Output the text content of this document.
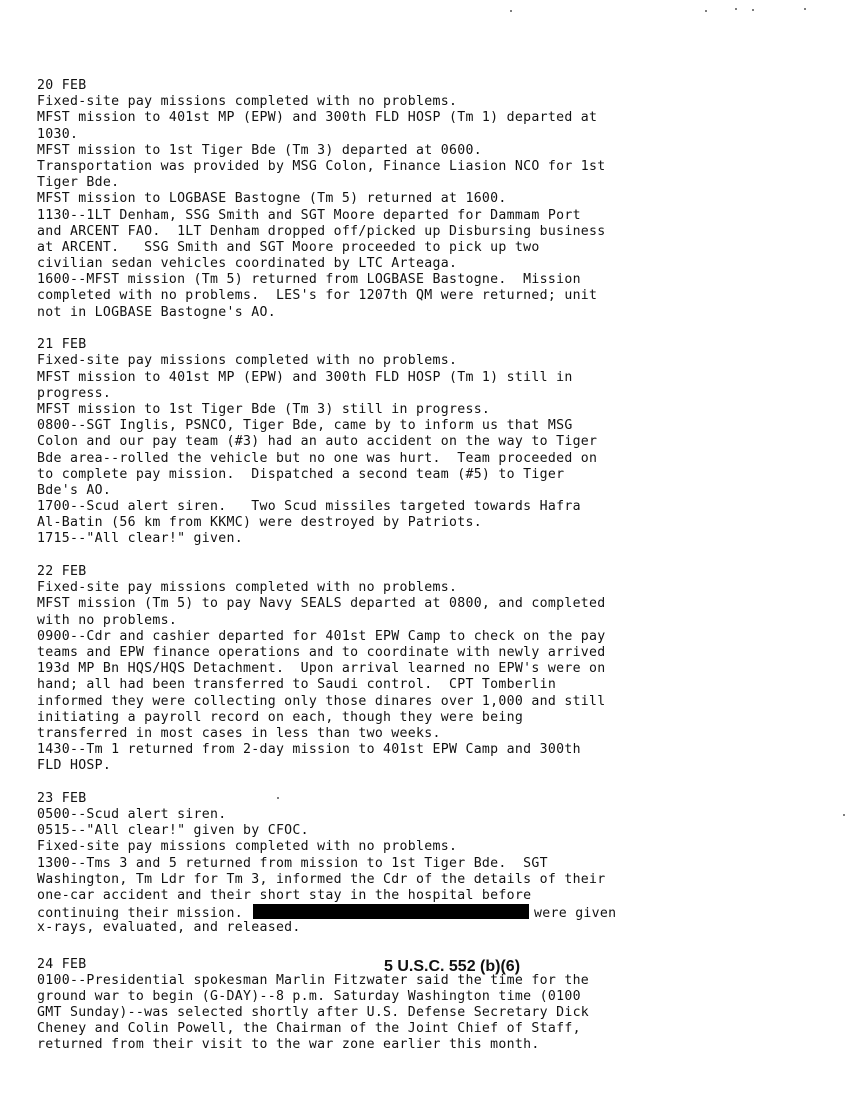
20 FEB
Fixed-site pay missions completed with no problems.
MFST mission to 401st MP (EPW) and 300th FLD HOSP (Tm 1) departed at
1030.
MFST mission to 1st Tiger Bde (Tm 3) departed at 0600.
Transportation was provided by MSG Colon, Finance Liasion NCO for 1st
Tiger Bde.
MFST mission to LOGBASE Bastogne (Tm 5) returned at 1600.
1130--1LT Denham, SSG Smith and SGT Moore departed for Dammam Port
and ARCENT FAO.  1LT Denham dropped off/picked up Disbursing business
at ARCENT.   SSG Smith and SGT Moore proceeded to pick up two
civilian sedan vehicles coordinated by LTC Arteaga.
1600--MFST mission (Tm 5) returned from LOGBASE Bastogne.  Mission
completed with no problems.  LES's for 1207th QM were returned; unit
not in LOGBASE Bastogne's AO.
21 FEB
Fixed-site pay missions completed with no problems.
MFST mission to 401st MP (EPW) and 300th FLD HOSP (Tm 1) still in
progress.
MFST mission to 1st Tiger Bde (Tm 3) still in progress.
0800--SGT Inglis, PSNCO, Tiger Bde, came by to inform us that MSG
Colon and our pay team (#3) had an auto accident on the way to Tiger
Bde area--rolled the vehicle but no one was hurt.  Team proceeded on
to complete pay mission.  Dispatched a second team (#5) to Tiger
Bde's AO.
1700--Scud alert siren.   Two Scud missiles targeted towards Hafra
Al-Batin (56 km from KKMC) were destroyed by Patriots.
1715--"All clear!" given.
22 FEB
Fixed-site pay missions completed with no problems.
MFST mission (Tm 5) to pay Navy SEALS departed at 0800, and completed
with no problems.
0900--Cdr and cashier departed for 401st EPW Camp to check on the pay
teams and EPW finance operations and to coordinate with newly arrived
193d MP Bn HQS/HQS Detachment.  Upon arrival learned no EPW's were on
hand; all had been transferred to Saudi control.  CPT Tomberlin
informed they were collecting only those dinares over 1,000 and still
initiating a payroll record on each, though they were being
transferred in most cases in less than two weeks.
1430--Tm 1 returned from 2-day mission to 401st EPW Camp and 300th
FLD HOSP.
23 FEB
0500--Scud alert siren.
0515--"All clear!" given by CFOC.
Fixed-site pay missions completed with no problems.
1300--Tms 3 and 5 returned from mission to 1st Tiger Bde.  SGT
Washington, Tm Ldr for Tm 3, informed the Cdr of the details of their
one-car accident and their short stay in the hospital before
continuing their mission.	were given
x-rays, evaluated, and released.
24 FEB
0100--Presidential spokesman Marlin Fitzwater said the time for the
ground war to begin (G-DAY)--8 p.m. Saturday Washington time (0100
GMT Sunday)--was selected shortly after U.S. Defense Secretary Dick
Cheney and Colin Powell, the Chairman of the Joint Chief of Staff,
returned from their visit to the war zone earlier this month.
5 U.S.C. 552 (b)(6)
